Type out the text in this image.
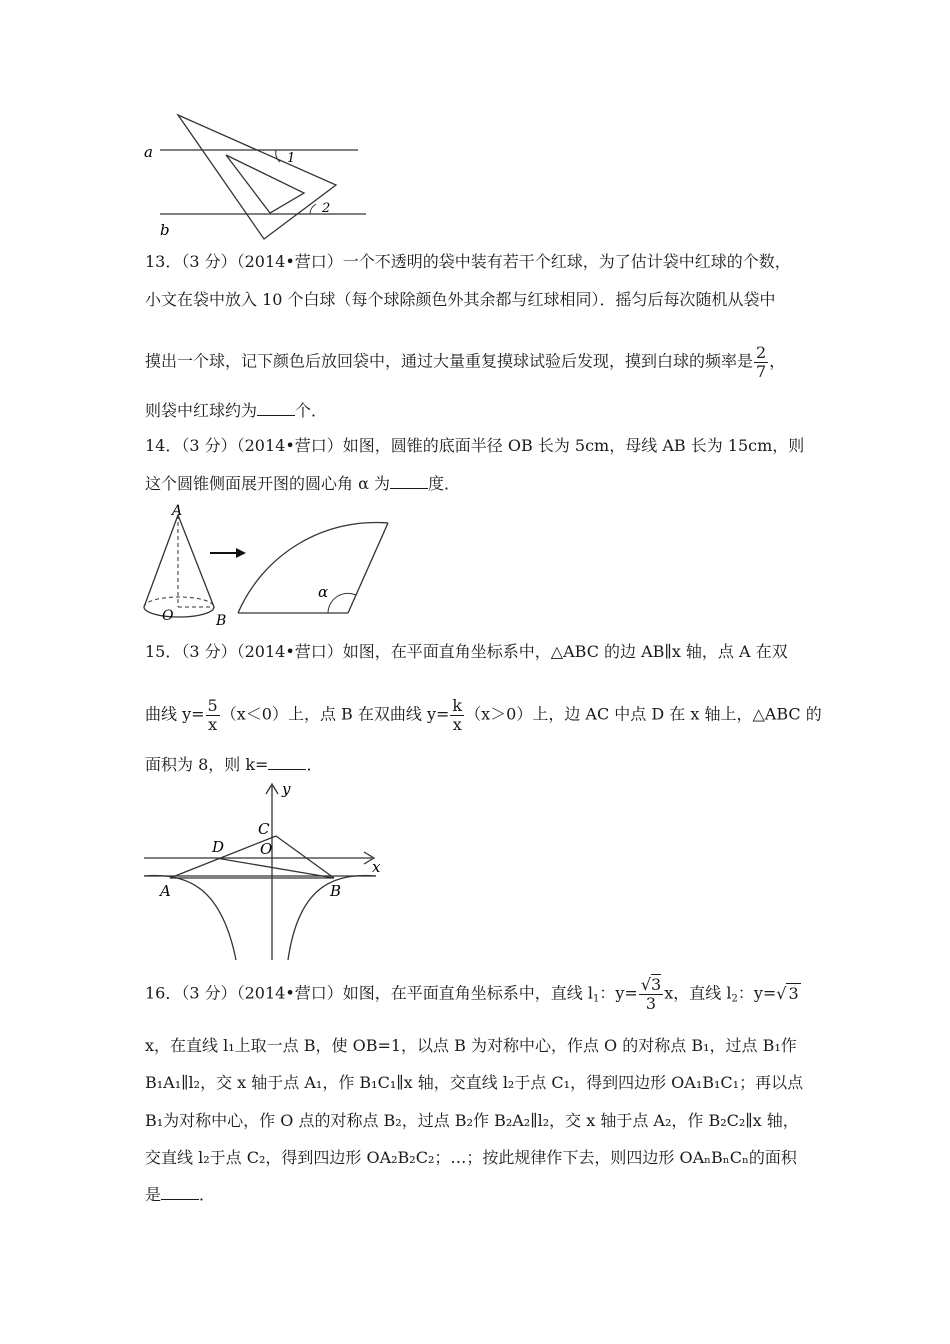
a
b
1
2
13．（3 分）（2014•营口）一个不透明的袋中装有若干个红球，为了估计袋中红球的个数，
小文在袋中放入 10 个白球（每个球除颜色外其余都与红球相同）．摇匀后每次随机从袋中
摸出一个球，记下颜色后放回袋中，通过大量重复摸球试验后发现，摸到白球的频率是 $\frac{2}{7}$ ，
则袋中红球约为 个．
14．（3 分）（2014•营口）如图，圆锥的底面半径 OB 长为 5cm，母线 AB 长为 15cm，则
这个圆锥侧面展开图的圆心角 α 为 度．
A
O	B
α
15．（3 分）（2014•营口）如图，在平面直角坐标系中，△ABC 的边 AB∥x 轴，点 A 在双
曲线 $y= \frac{5}{x} (x<0)$上，点 B 在双曲线 $y= \frac{k}{x} (x>0)$上，边 AC 中点 D 在 x 轴上，△ABC 的
面积为 8，则 k= ．
y
x
C
D O
A	B
16．（3 分）（2014•营口）如图，在平面直角坐标系中，直线 $l_1$：$y= \frac{√3}{3}$ x，直线 $l_2$：y=√ 3
x，在直线 l₁上取一点 B，使 OB=1，以点 B 为对称中心，作点 O 的对称点 B₁，过点 B₁作
B₁A₁∥l₂，交 x 轴于点 A₁，作 B₁C₁∥x 轴，交直线 l₂于点 C₁，得到四边形 OA₁B₁C₁；再以点
B₁为对称中心，作 O 点的对称点 B₂，过点 B₂作 B₂A₂∥l₂，交 x 轴于点 A₂，作 B₂C₂∥x 轴，
交直线 l₂于点 C₂，得到四边形 OA₂B₂C₂；…；按此规律作下去，则四边形 OAₙBₙCₙ的面积
是 ．
